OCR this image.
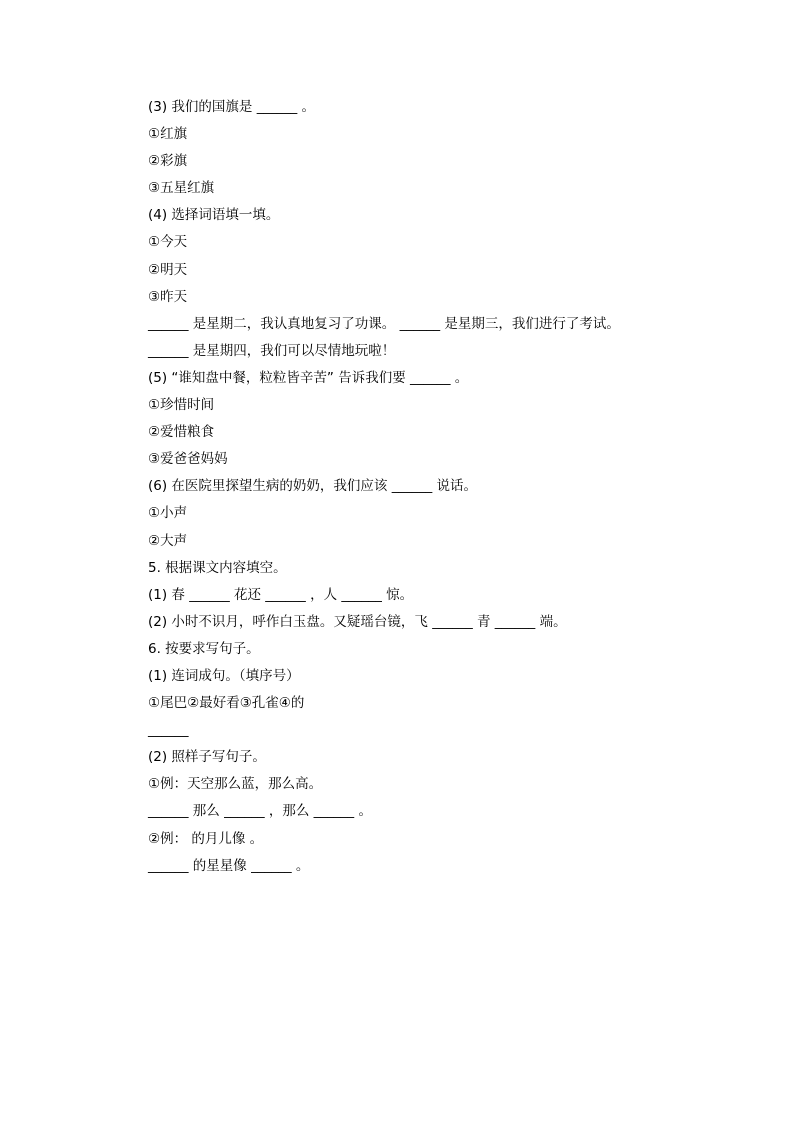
(3) 我们的国旗是 ______ 。
①红旗
②彩旗
③五星红旗
(4) 选择词语填一填。
①今天
②明天
③昨天
______ 是星期二，我认真地复习了功课。 ______ 是星期三，我们进行了考试。
______ 是星期四，我们可以尽情地玩啦！
(5) “谁知盘中餐，粒粒皆辛苦” 告诉我们要 ______ 。
①珍惜时间
②爱惜粮食
③爱爸爸妈妈
(6) 在医院里探望生病的奶奶，我们应该 ______ 说话。
①小声
②大声
5. 根据课文内容填空。
(1) 春 ______ 花还 ______ ，人 ______ 惊。
(2) 小时不识月，呼作白玉盘。又疑瑶台镜，飞 ______ 青 ______ 端。
6. 按要求写句子。
(1) 连词成句。（填序号）
①尾巴②最好看③孔雀④的
______
(2) 照样子写句子。
①例：天空那么蓝，那么高。
______ 那么 ______ ，那么 ______ 。
②例： 的月儿像 。
______ 的星星像 ______ 。
